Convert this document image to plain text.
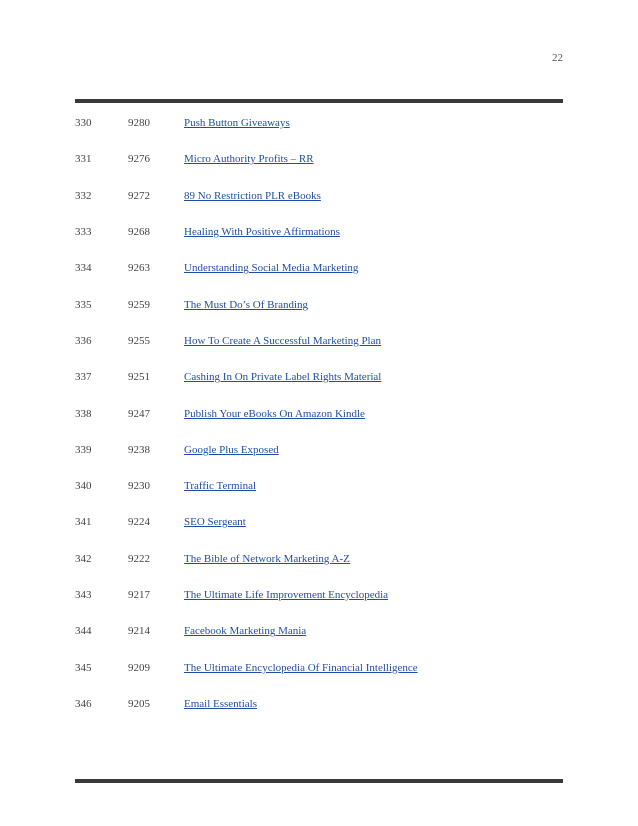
22
330	9280	Push Button Giveaways
331	9276	Micro Authority Profits – RR
332	9272	89 No Restriction PLR eBooks
333	9268	Healing With Positive Affirmations
334	9263	Understanding Social Media Marketing
335	9259	The Must Do’s Of Branding
336	9255	How To Create A Successful Marketing Plan
337	9251	Cashing In On Private Label Rights Material
338	9247	Publish Your eBooks On Amazon Kindle
339	9238	Google Plus Exposed
340	9230	Traffic Terminal
341	9224	SEO Sergeant
342	9222	The Bible of Network Marketing A-Z
343	9217	The Ultimate Life Improvement Encyclopedia
344	9214	Facebook Marketing Mania
345	9209	The Ultimate Encyclopedia Of Financial Intelligence
346	9205	Email Essentials
